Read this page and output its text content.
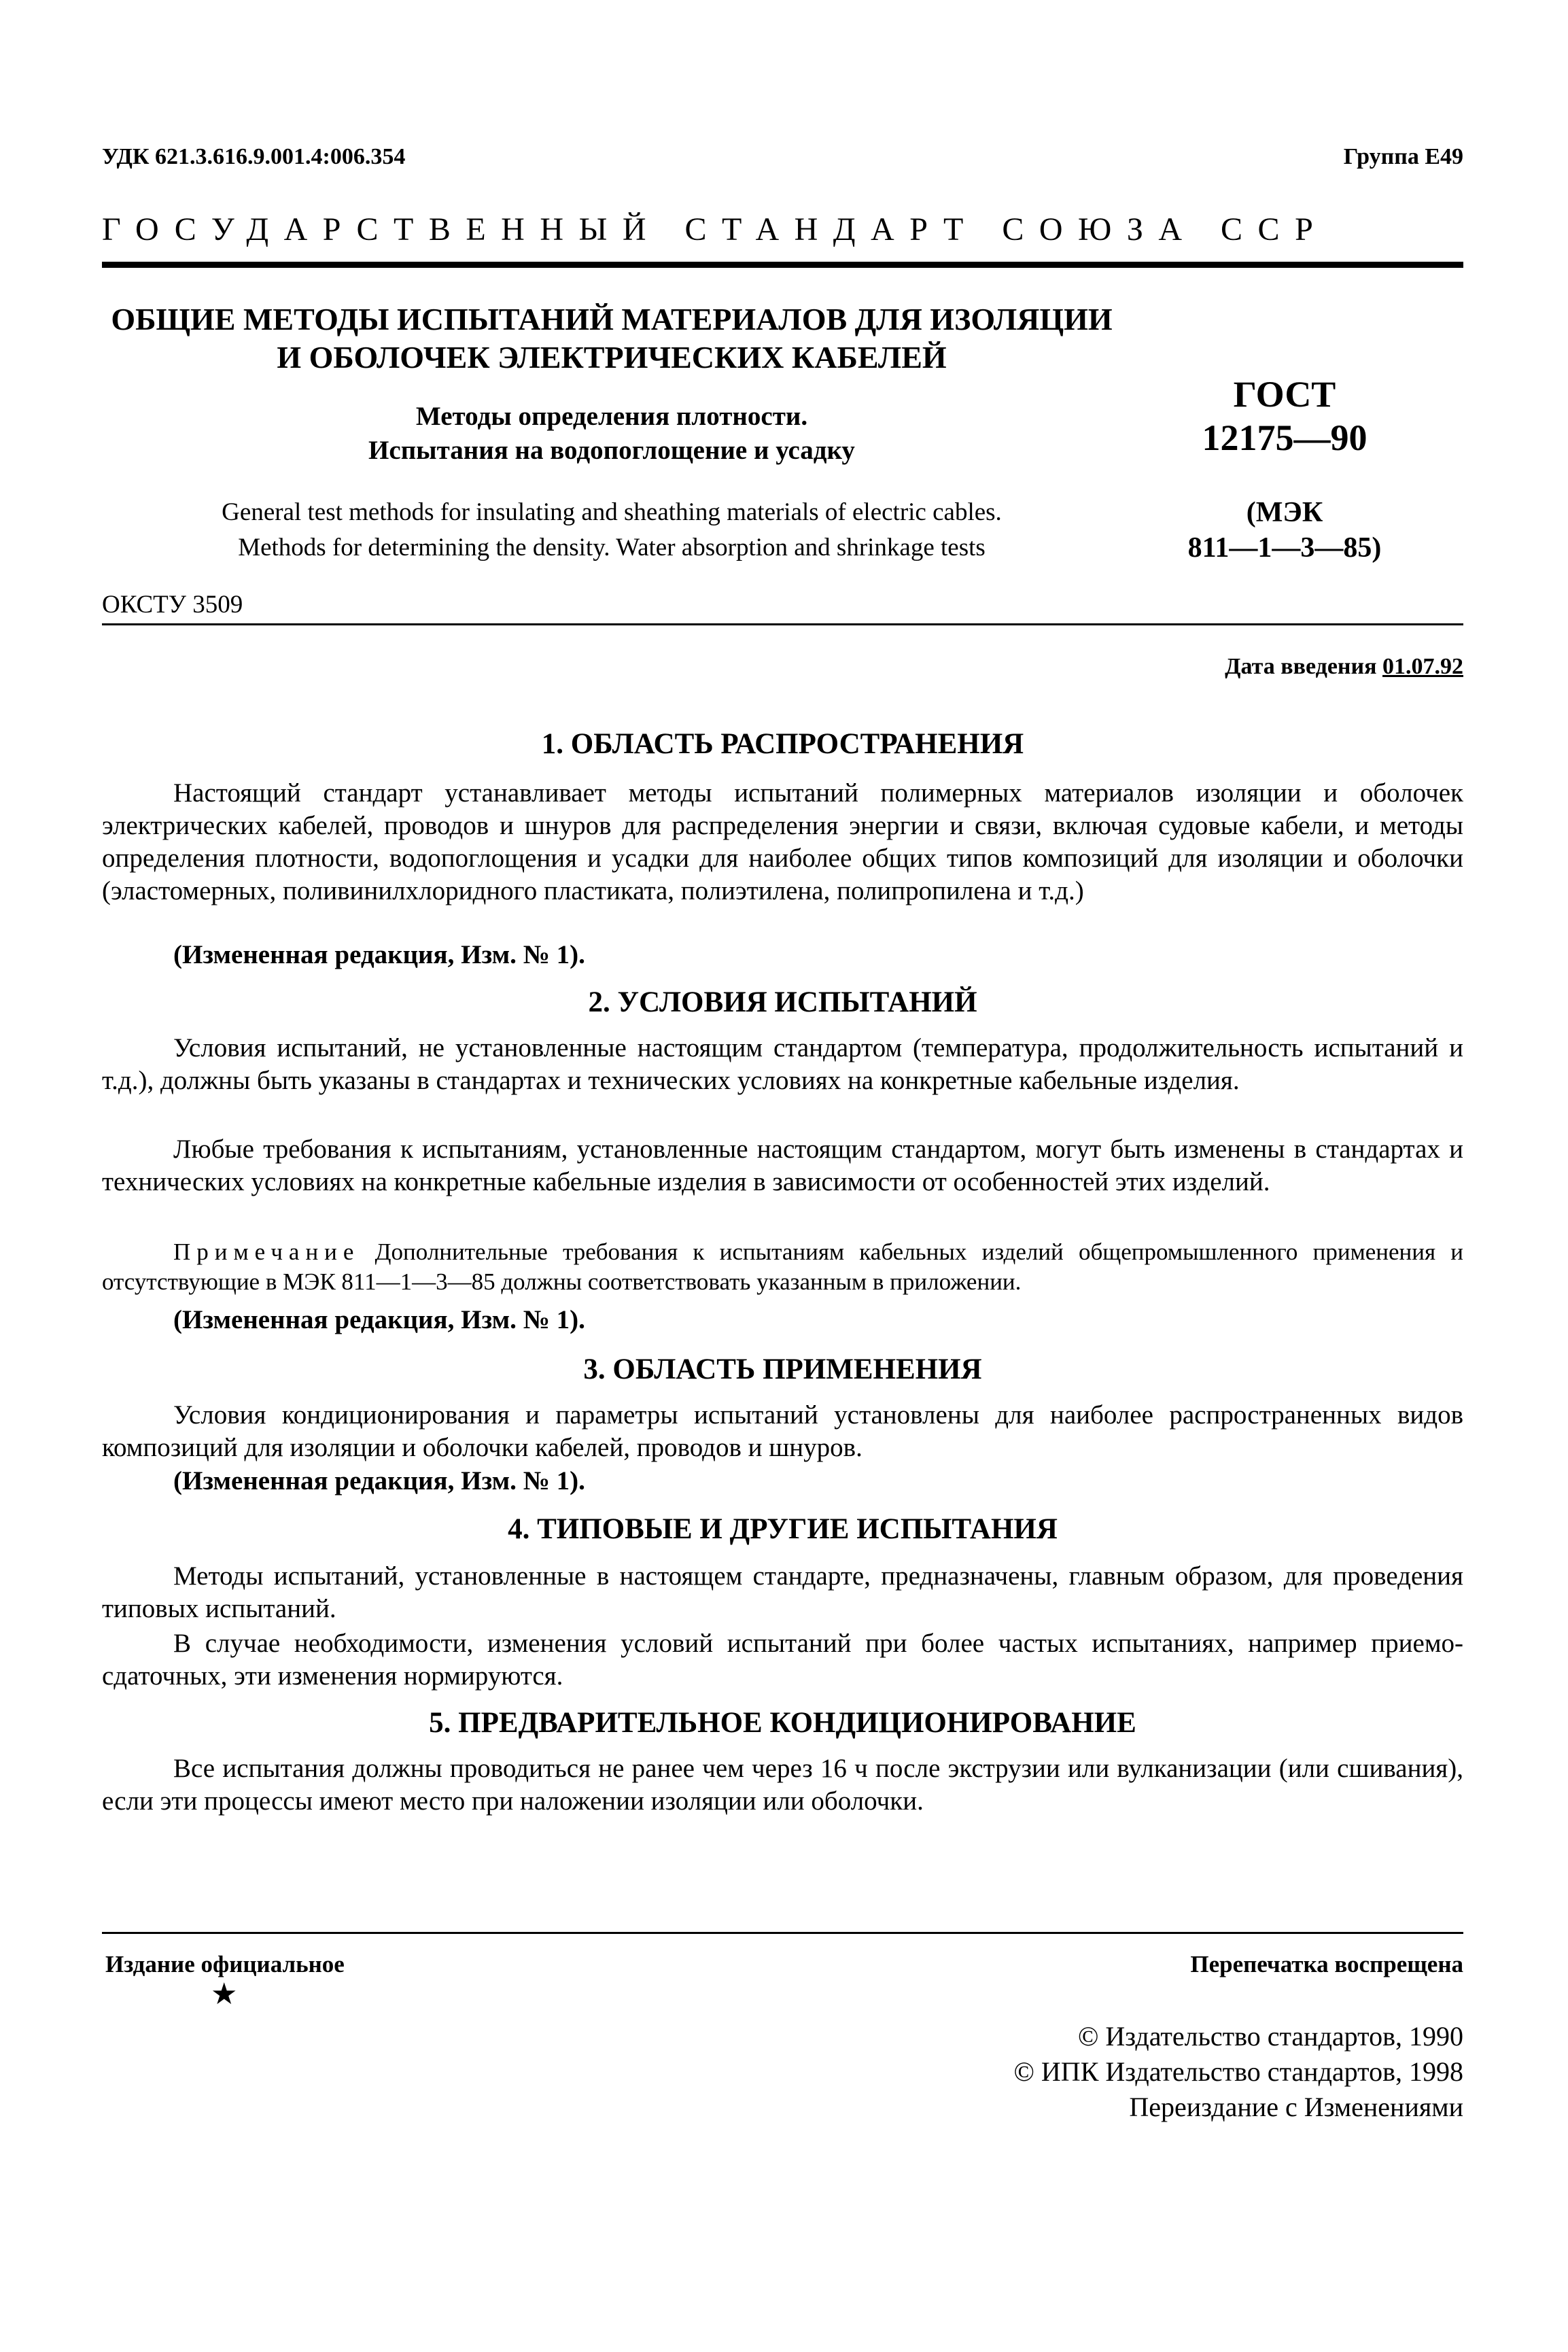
УДК 621.3.616.9.001.4:006.354	Группа Е49
ГОСУДАРСТВЕННЫЙ СТАНДАРТ СОЮЗА ССР
ОБЩИЕ МЕТОДЫ ИСПЫТАНИЙ МАТЕРИАЛОВ ДЛЯ ИЗОЛЯЦИИ
И ОБОЛОЧЕК ЭЛЕКТРИЧЕСКИХ КАБЕЛЕЙ
Методы определения плотности.
Испытания на водопоглощение и усадку
ГОСТ
12175—90
General test methods for insulating and sheathing materials of electric cables.
Methods for determining the density. Water absorption and shrinkage tests
(МЭК
811—1—3—85)
ОКСТУ 3509
Дата введения 01.07.92
1. ОБЛАСТЬ РАСПРОСТРАНЕНИЯ
Настоящий стандарт устанавливает методы испытаний полимерных материалов изоляции и оболочек электрических кабелей, проводов и шнуров для распределения энергии и связи, включая судовые кабели, и методы определения плотности, водопоглощения и усадки для наиболее общих типов композиций для изоляции и оболочки (эластомерных, поливинилхлоридного пластиката, полиэтилена, полипропилена и т.д.)
(Измененная редакция, Изм. № 1).
2. УСЛОВИЯ ИСПЫТАНИЙ
Условия испытаний, не установленные настоящим стандартом (температура, продолжительность испытаний и т.д.), должны быть указаны в стандартах и технических условиях на конкретные кабельные изделия.
Любые требования к испытаниям, установленные настоящим стандартом, могут быть изменены в стандартах и технических условиях на конкретные кабельные изделия в зависимости от особенностей этих изделий.
Примечание Дополнительные требования к испытаниям кабельных изделий общепромышленного применения и отсутствующие в МЭК 811—1—3—85 должны соответствовать указанным в приложении.
(Измененная редакция, Изм. № 1).
3. ОБЛАСТЬ ПРИМЕНЕНИЯ
Условия кондиционирования и параметры испытаний установлены для наиболее распространенных видов композиций для изоляции и оболочки кабелей, проводов и шнуров.
(Измененная редакция, Изм. № 1).
4. ТИПОВЫЕ И ДРУГИЕ ИСПЫТАНИЯ
Методы испытаний, установленные в настоящем стандарте, предназначены, главным образом, для проведения типовых испытаний.
В случае необходимости, изменения условий испытаний при более частых испытаниях, например приемо-сдаточных, эти изменения нормируются.
5. ПРЕДВАРИТЕЛЬНОЕ КОНДИЦИОНИРОВАНИЕ
Все испытания должны проводиться не ранее чем через 16 ч после экструзии или вулканизации (или сшивания), если эти процессы имеют место при наложении изоляции или оболочки.
Издание официальное
★
Перепечатка воспрещена
© Издательство стандартов, 1990
© ИПК Издательство стандартов, 1998
Переиздание с Изменениями
